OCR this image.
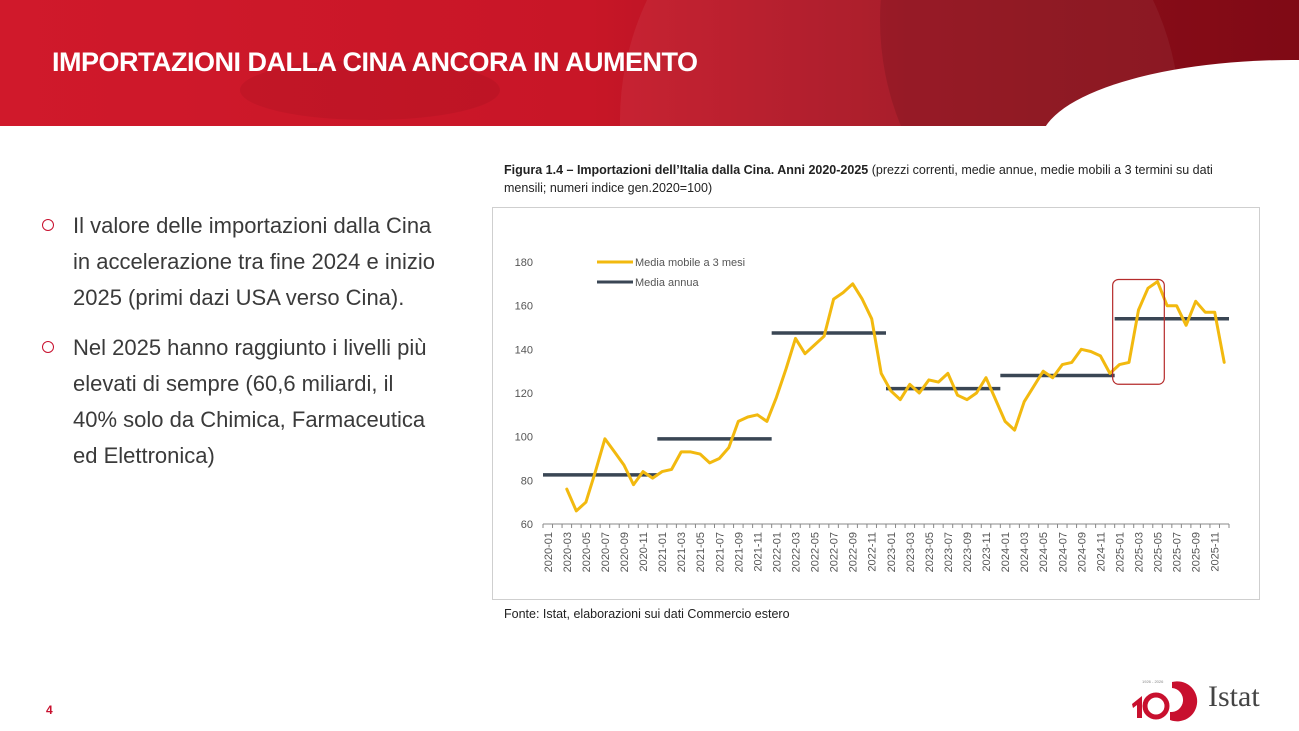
IMPORTAZIONI DALLA CINA ANCORA IN AUMENTO
Il valore delle importazioni dalla Cina in accelerazione tra fine 2024 e inizio 2025 (primi dazi USA verso Cina).
Nel 2025 hanno raggiunto i livelli più elevati di sempre (60,6 miliardi, il 40% solo da Chimica, Farmaceutica ed Elettronica)
Figura 1.4 – Importazioni dell’Italia dalla Cina. Anni 2020-2025 (prezzi correnti, medie annue, medie mobili a 3 termini su dati mensili; numeri indice gen.2020=100)
60
80
100
120
140
160
180
2020-01 2020-03 2020-05 2020-07 2020-09 2020-11 2021-01 2021-03 2021-05 2021-07 2021-09 2021-11 2022-01 2022-03 2022-05 2022-07 2022-09 2022-11 2023-01 2023-03 2023-05 2023-07 2023-09 2023-11 2024-01 2024-03 2024-05 2024-07 2024-09 2024-11 2025-01 2025-03 2025-05 2025-07 2025-09 2025-11
Media mobile a 3 mesi
Media annua
Fonte: Istat, elaborazioni sui dati Commercio estero
4
1926 - 2026 Istat
